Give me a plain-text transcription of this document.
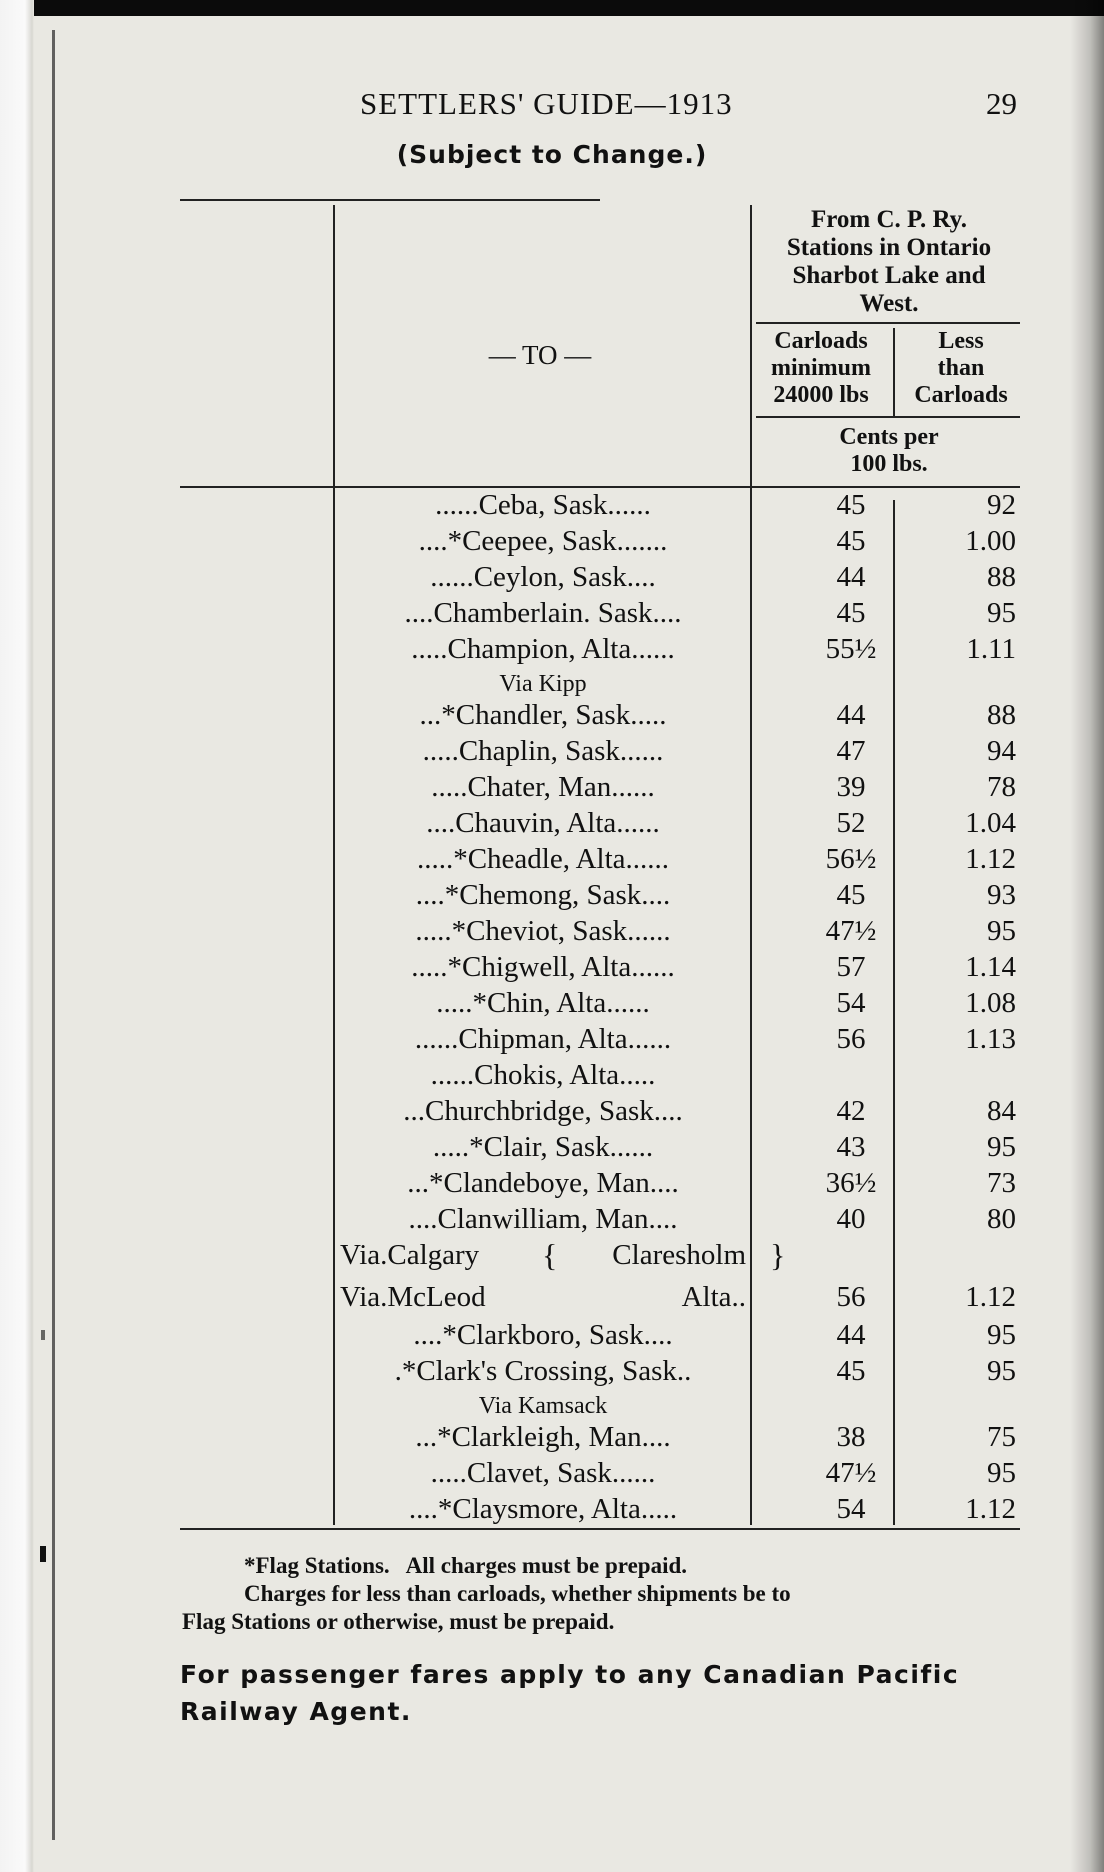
SETTLERS' GUIDE—1913	29
(Subject to Change.)
From C. P. Ry.
Stations in Ontario
Sharbot Lake and
West.
— TO —	Carloads
minimum
24000 lbs
Less
than
Carloads
Cents per
100 lbs.
......Ceba, Sask......	45	92
....*Ceepee, Sask.......	45	1.00
......Ceylon, Sask....	44	88
....Chamberlain. Sask....	45	95
.....Champion, Alta......	55½	1.11
Via Kipp
...*Chandler, Sask.....	44	88
.....Chaplin, Sask......	47	94
.....Chater, Man......	39	78
....Chauvin, Alta......	52	1.04
.....*Cheadle, Alta......	56½	1.12
....*Chemong, Sask....	45	93
.....*Cheviot, Sask......	47½	95
.....*Chigwell, Alta......	57	1.14
.....*Chin, Alta......	54	1.08
......Chipman, Alta......	56	1.13
......Chokis, Alta.....
...Churchbridge, Sask....	42	84
.....*Clair, Sask......	43	95
...*Clandeboye, Man....	36½	73
....Clanwilliam, Man....	40	80
Via.Calgary {	Claresholm }
Via.McLeod	Alta..	56	1.12
....*Clarkboro, Sask....	44	95
.*Clark's Crossing, Sask..	45	95
Via Kamsack
...*Clarkleigh, Man....	38	75
.....Clavet, Sask......	47½	95
....*Claysmore, Alta.....	54	1.12
*Flag Stations.   All charges must be prepaid.
Charges for less than carloads, whether shipments be to
Flag Stations or otherwise, must be prepaid.
For passenger fares apply to any Canadian Pacific Railway Agent.
